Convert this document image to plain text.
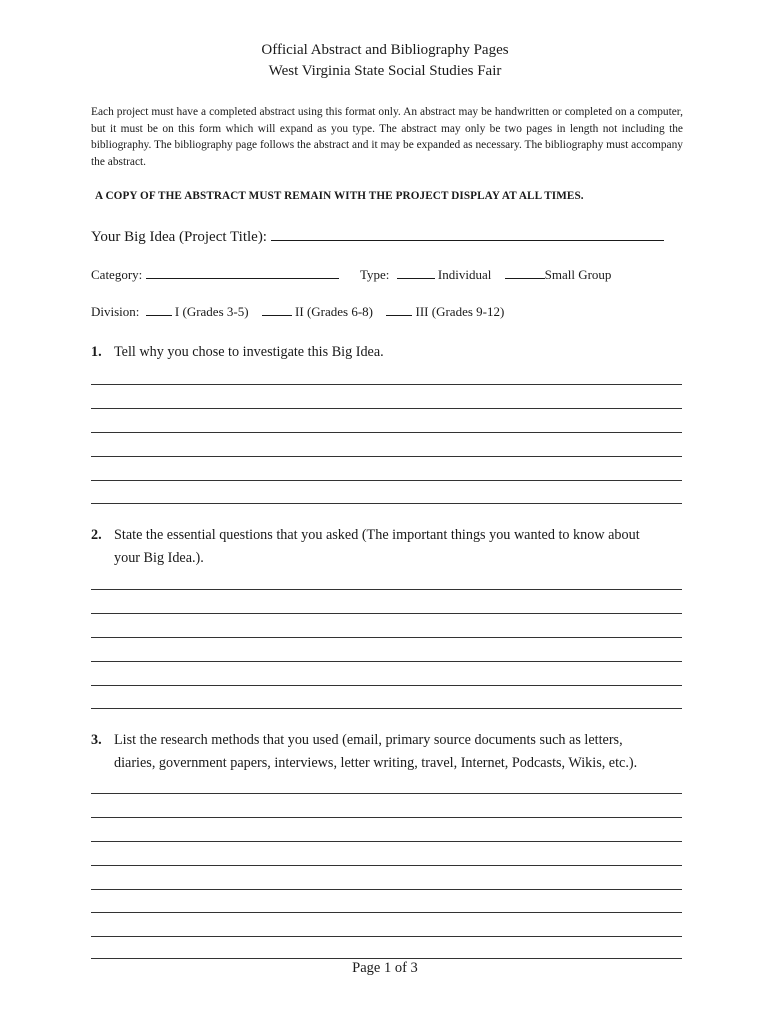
Official Abstract and Bibliography Pages
West Virginia State Social Studies Fair
Each project must have a completed abstract using this format only. An abstract may be handwritten or completed on a computer, but it must be on this form which will expand as you type. The abstract may only be two pages in length not including the bibliography. The bibliography page follows the abstract and it may be expanded as necessary. The bibliography must accompany the abstract.
A COPY OF THE ABSTRACT MUST REMAIN WITH THE PROJECT DISPLAY AT ALL TIMES.
Your Big Idea (Project Title):
Category:	Type:	Individual	Small Group
Division:	I (Grades 3-5)	II (Grades 6-8)	III (Grades 9-12)
1. Tell why you chose to investigate this Big Idea.
2. State the essential questions that you asked (The important things you wanted to know about
your Big Idea.).
3. List the research methods that you used (email, primary source documents such as letters,
diaries, government papers, interviews, letter writing, travel, Internet, Podcasts, Wikis, etc.).
Page 1 of 3
